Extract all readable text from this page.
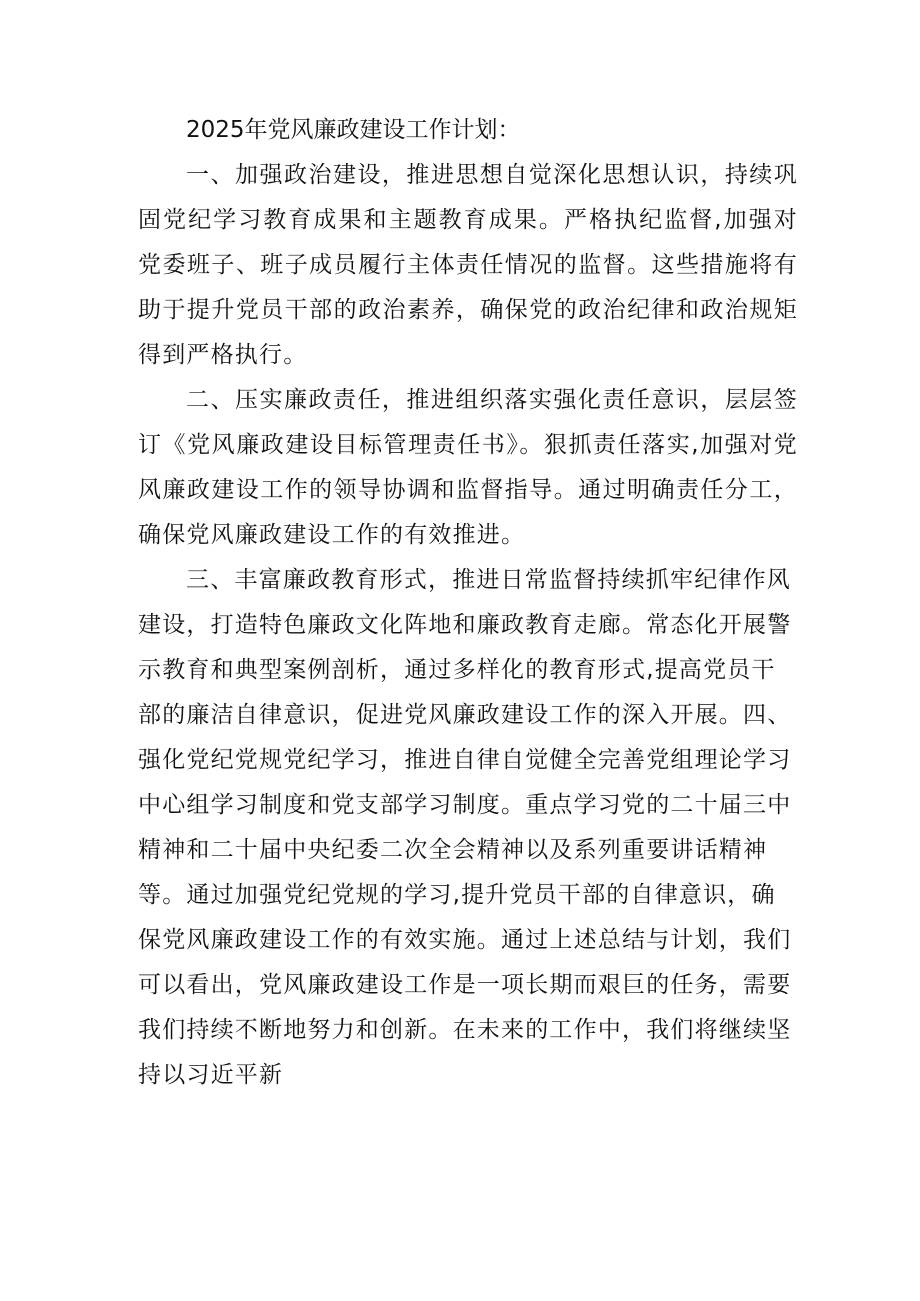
2025年党风廉政建设工作计划：

一、加强政治建设，推进思想自觉深化思想认识，持续巩固党纪学习教育成果和主题教育成果。严格执纪监督,加强对党委班子、班子成员履行主体责任情况的监督。这些措施将有助于提升党员干部的政治素养，确保党的政治纪律和政治规矩得到严格执行。

二、压实廉政责任，推进组织落实强化责任意识，层层签订《党风廉政建设目标管理责任书》。狠抓责任落实,加强对党风廉政建设工作的领导协调和监督指导。通过明确责任分工，确保党风廉政建设工作的有效推进。

三、丰富廉政教育形式，推进日常监督持续抓牢纪律作风建设，打造特色廉政文化阵地和廉政教育走廊。常态化开展警示教育和典型案例剖析，通过多样化的教育形式,提高党员干部的廉洁自律意识，促进党风廉政建设工作的深入开展。四、强化党纪党规党纪学习，推进自律自觉健全完善党组理论学习中心组学习制度和党支部学习制度。重点学习党的二十届三中精神和二十届中央纪委二次全会精神以及系列重要讲话精神等。通过加强党纪党规的学习,提升党员干部的自律意识，确保党风廉政建设工作的有效实施。通过上述总结与计划，我们可以看出，党风廉政建设工作是一项长期而艰巨的任务，需要我们持续不断地努力和创新。在未来的工作中，我们将继续坚持以习近平新
